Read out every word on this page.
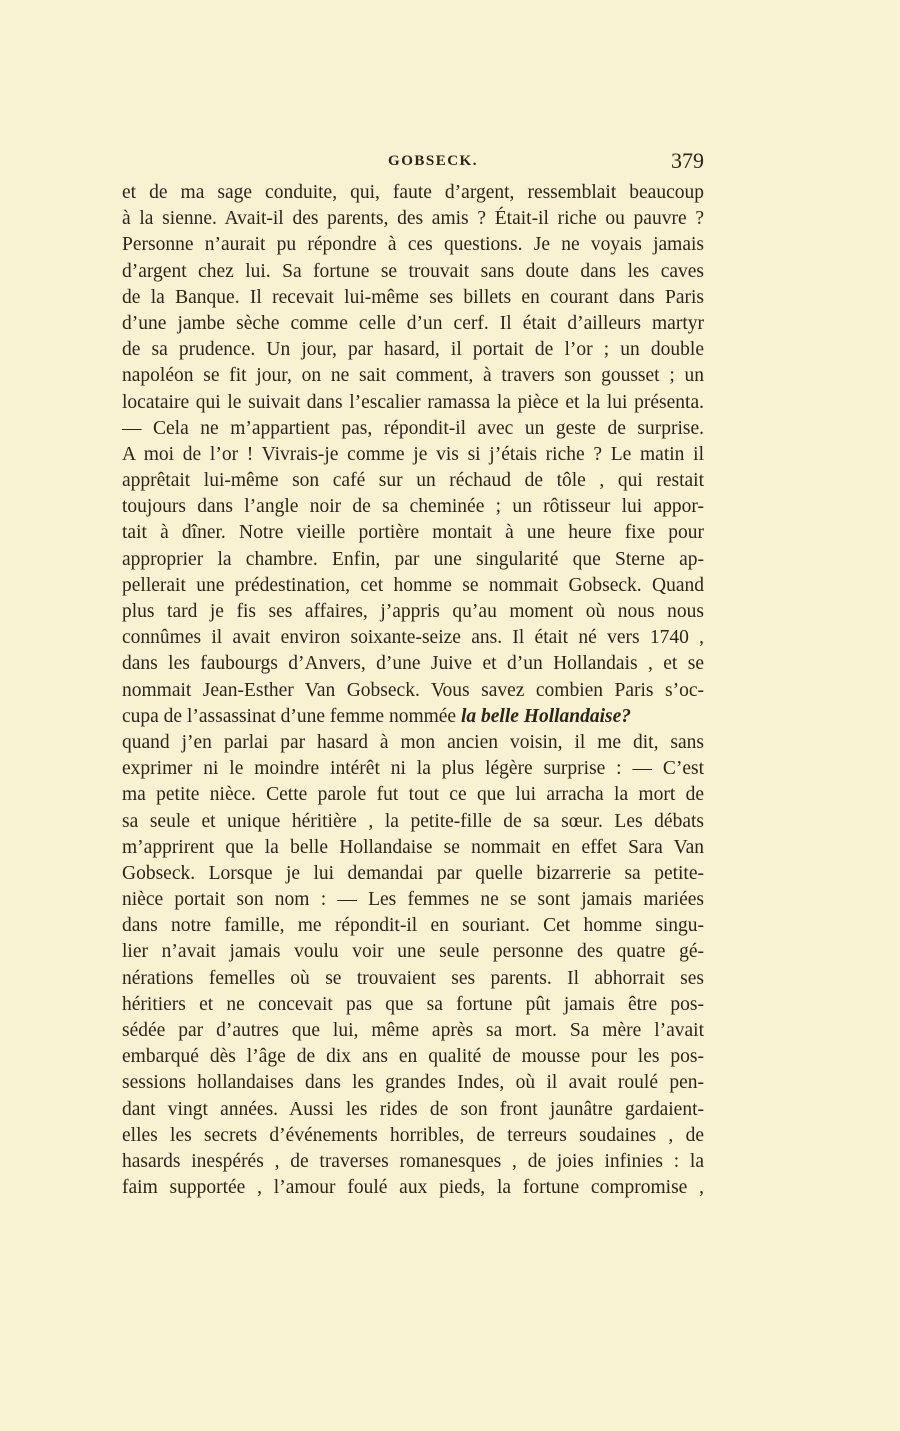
GOBSECK.	379
et de ma sage conduite, qui, faute d’argent, ressemblait beaucoup
à la sienne. Avait-il des parents, des amis ? Était-il riche ou pauvre ?
Personne n’aurait pu répondre à ces questions. Je ne voyais jamais
d’argent chez lui. Sa fortune se trouvait sans doute dans les caves
de la Banque. Il recevait lui-même ses billets en courant dans Paris
d’une jambe sèche comme celle d’un cerf. Il était d’ailleurs martyr
de sa prudence. Un jour, par hasard, il portait de l’or ; un double
napoléon se fit jour, on ne sait comment, à travers son gousset ; un
locataire qui le suivait dans l’escalier ramassa la pièce et la lui présenta.
— Cela ne m’appartient pas, répondit-il avec un geste de surprise.
A moi de l’or ! Vivrais-je comme je vis si j’étais riche ? Le matin il
apprêtait lui-même son café sur un réchaud de tôle , qui restait
toujours dans l’angle noir de sa cheminée ; un rôtisseur lui appor-
tait à dîner. Notre vieille portière montait à une heure fixe pour
approprier la chambre. Enfin, par une singularité que Sterne ap-
pellerait une prédestination, cet homme se nommait Gobseck. Quand
plus tard je fis ses affaires, j’appris qu’au moment où nous nous
connûmes il avait environ soixante-seize ans. Il était né vers 1740 ,
dans les faubourgs d’Anvers, d’une Juive et d’un Hollandais , et se
nommait Jean-Esther Van Gobseck. Vous savez combien Paris s’oc-
cupa de l’assassinat d’une femme nommée la belle Hollandaise?
quand j’en parlai par hasard à mon ancien voisin, il me dit, sans
exprimer ni le moindre intérêt ni la plus légère surprise : — C’est
ma petite nièce. Cette parole fut tout ce que lui arracha la mort de
sa seule et unique héritière , la petite-fille de sa sœur. Les débats
m’apprirent que la belle Hollandaise se nommait en effet Sara Van
Gobseck. Lorsque je lui demandai par quelle bizarrerie sa petite-
nièce portait son nom : — Les femmes ne se sont jamais mariées
dans notre famille, me répondit-il en souriant. Cet homme singu-
lier n’avait jamais voulu voir une seule personne des quatre gé-
nérations femelles où se trouvaient ses parents. Il abhorrait ses
héritiers et ne concevait pas que sa fortune pût jamais être pos-
sédée par d’autres que lui, même après sa mort. Sa mère l’avait
embarqué dès l’âge de dix ans en qualité de mousse pour les pos-
sessions hollandaises dans les grandes Indes, où il avait roulé pen-
dant vingt années. Aussi les rides de son front jaunâtre gardaient-
elles les secrets d’événements horribles, de terreurs soudaines , de
hasards inespérés , de traverses romanesques , de joies infinies : la
faim supportée , l’amour foulé aux pieds, la fortune compromise ,
